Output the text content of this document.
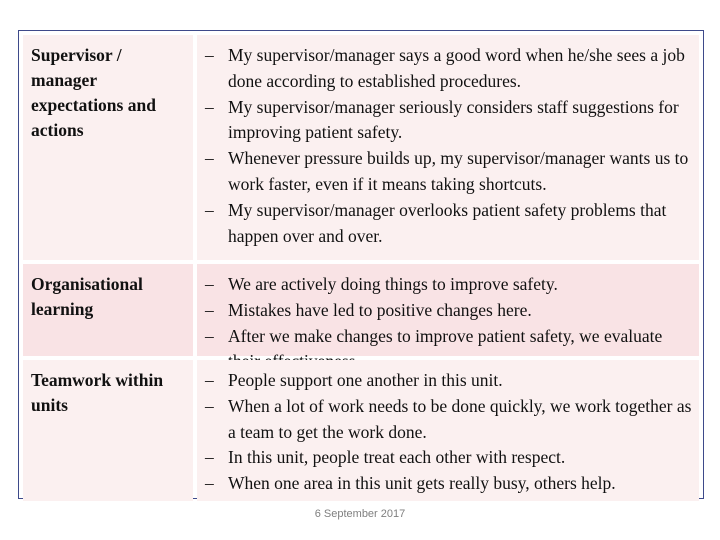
Supervisor / manager expectations and actions
– My supervisor/manager says a good word when he/she sees a job done according to established procedures.
– My supervisor/manager seriously considers staff suggestions for improving patient safety.
– Whenever pressure builds up, my supervisor/manager wants us to work faster, even if it means taking shortcuts.
– My supervisor/manager overlooks patient safety problems that happen over and over.
Organisational learning
– We are actively doing things to improve safety.
– Mistakes have led to positive changes here.
– After we make changes to improve patient safety, we evaluate
Teamwork within units
– People support one another in this unit.
– When a lot of work needs to be done quickly, we work together as a team to get the work done.
– In this unit, people treat each other with respect.
– When one area in this unit gets really busy, others help.
6 September 2017
